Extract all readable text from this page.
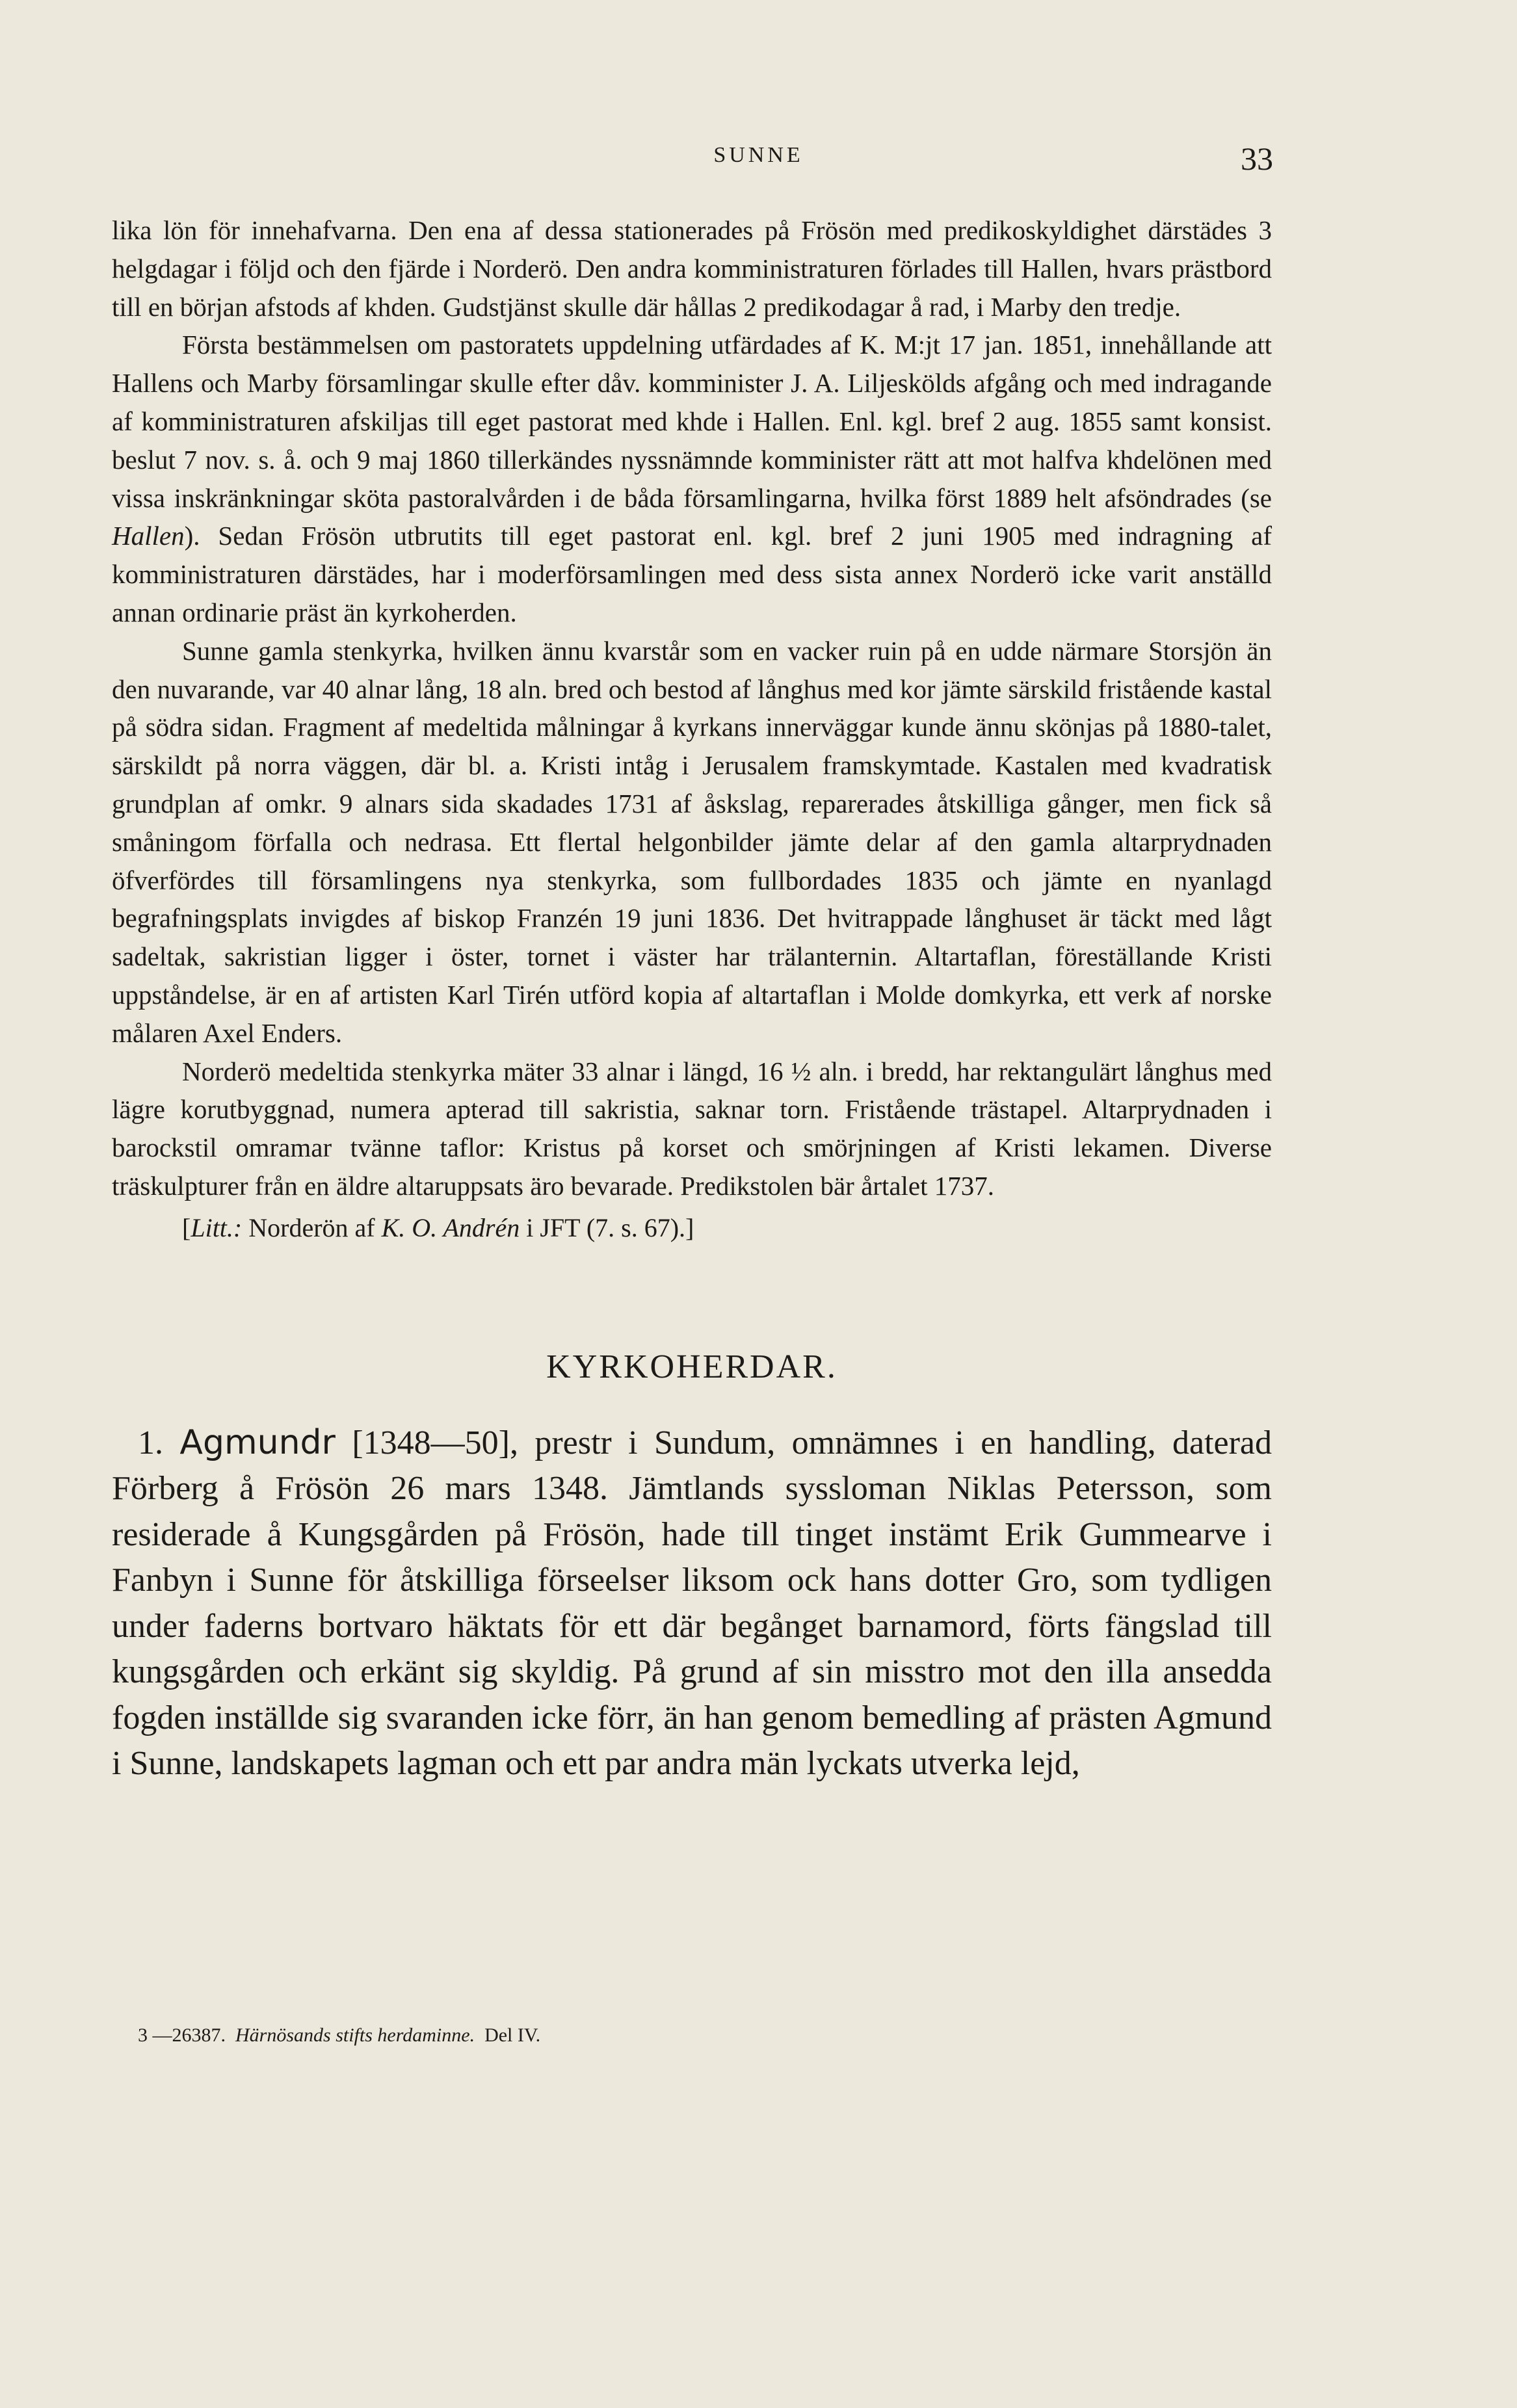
SUNNE	33

lika lön för innehafvarna. Den ena af dessa stationerades på Frösön med predikoskyldighet därstädes 3 helgdagar i följd och den fjärde i Norderö. Den andra komministraturen förlades till Hallen, hvars prästbord till en början afstods af khden. Gudstjänst skulle där hållas 2 predikodagar å rad, i Marby den tredje.

Första bestämmelsen om pastoratets uppdelning utfärdades af K. M:jt 17 jan. 1851, innehållande att Hallens och Marby församlingar skulle efter dåv. komminister J. A. Liljeskölds afgång och med indragande af komministraturen afskiljas till eget pastorat med khde i Hallen. Enl. kgl. bref 2 aug. 1855 samt konsist. beslut 7 nov. s. å. och 9 maj 1860 tillerkändes nyssnämnde komminister rätt att mot halfva khdelönen med vissa inskränkningar sköta pastoralvården i de båda församlingarna, hvilka först 1889 helt afsöndrades (se Hallen). Sedan Frösön utbrutits till eget pastorat enl. kgl. bref 2 juni 1905 med indragning af komministraturen därstädes, har i moderförsamlingen med dess sista annex Norderö icke varit anställd annan ordinarie präst än kyrkoherden.

Sunne gamla stenkyrka, hvilken ännu kvarstår som en vacker ruin på en udde närmare Storsjön än den nuvarande, var 40 alnar lång, 18 aln. bred och bestod af långhus med kor jämte särskild fristående kastal på södra sidan. Fragment af medeltida målningar å kyrkans innerväggar kunde ännu skönjas på 1880-talet, särskildt på norra väggen, där bl. a. Kristi intåg i Jerusalem framskymtade. Kastalen med kvadratisk grundplan af omkr. 9 alnars sida skadades 1731 af åskslag, reparerades åtskilliga gånger, men fick så småningom förfalla och nedrasa. Ett flertal helgonbilder jämte delar af den gamla altarprydnaden öfverfördes till församlingens nya stenkyrka, som fullbordades 1835 och jämte en nyanlagd begrafningsplats invigdes af biskop Franzén 19 juni 1836. Det hvitrappade långhuset är täckt med lågt sadeltak, sakristian ligger i öster, tornet i väster har trälanternin. Altartaflan, föreställande Kristi uppståndelse, är en af artisten Karl Tirén utförd kopia af altartaflan i Molde domkyrka, ett verk af norske målaren Axel Enders.

Norderö medeltida stenkyrka mäter 33 alnar i längd, 16 ½ aln. i bredd, har rektangulärt långhus med lägre korutbyggnad, numera apterad till sakristia, saknar torn. Fristående trästapel. Altarprydnaden i barockstil omramar tvänne taflor: Kristus på korset och smörjningen af Kristi lekamen. Diverse träskulpturer från en äldre altaruppsats äro bevarade. Predikstolen bär årtalet 1737.

[Litt.: Norderön af K. O. Andrén i JFT (7. s. 67).]
KYRKOHERDAR.

1. Agmundr [1348—50], prestr i Sundum, omnämnes i en handling, daterad Förberg å Frösön 26 mars 1348. Jämtlands syssloman Niklas Petersson, som residerade å Kungsgården på Frösön, hade till tinget instämt Erik Gummearve i Fanbyn i Sunne för åtskilliga förseelser liksom ock hans dotter Gro, som tydligen under faderns bortvaro häktats för ett där begånget barnamord, förts fängslad till kungsgården och erkänt sig skyldig. På grund af sin misstro mot den illa ansedda fogden inställde sig svaranden icke förr, än han genom bemedling af prästen Agmund i Sunne, landskapets lagman och ett par andra män lyckats utverka lejd,

3 —26387. Härnösands stifts herdaminne. Del IV.
